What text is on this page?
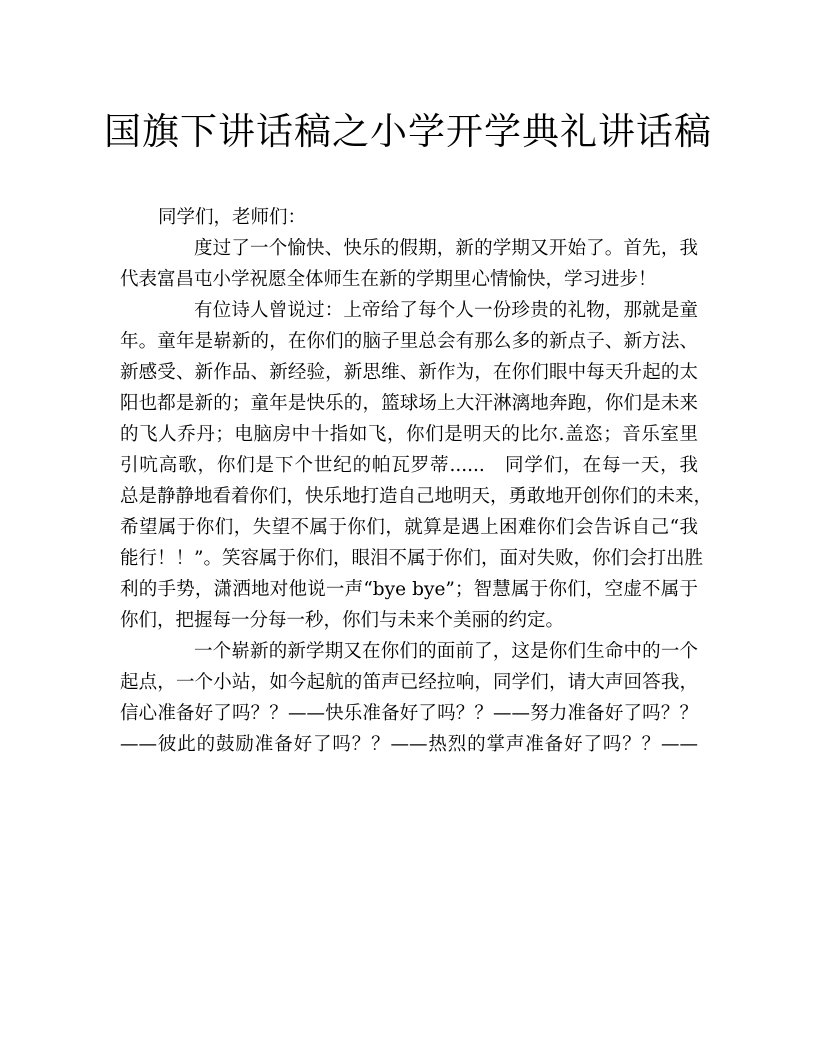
国旗下讲话稿之小学开学典礼讲话稿

同学们，老师们：

度过了一个愉快、快乐的假期，新的学期又开始了。首先，我
代表富昌屯小学祝愿全体师生在新的学期里心情愉快，学习进步！
有位诗人曾说过：上帝给了每个人一份珍贵的礼物，那就是童
年。童年是崭新的，在你们的脑子里总会有那么多的新点子、新方法、
新感受、新作品、新经验，新思维、新作为，在你们眼中每天升起的太
阳也都是新的；童年是快乐的，篮球场上大汗淋漓地奔跑，你们是未来
的飞人乔丹；电脑房中十指如飞，你们是明天的比尔.盖恣；音乐室里
引吭高歌，你们是下个世纪的帕瓦罗蒂......　同学们，在每一天，我
总是静静地看着你们，快乐地打造自己地明天，勇敢地开创你们的未来，
希望属于你们，失望不属于你们，就算是遇上困难你们会告诉自己“我
能行！！”。笑容属于你们，眼泪不属于你们，面对失败，你们会打出胜
利的手势，潇洒地对他说一声“bye bye”；智慧属于你们，空虚不属于
你们，把握每一分每一秒，你们与未来个美丽的约定。
一个崭新的新学期又在你们的面前了，这是你们生命中的一个
起点，一个小站，如今起航的笛声已经拉响，同学们，请大声回答我，
信心准备好了吗？？——快乐准备好了吗？？——努力准备好了吗？？
——彼此的鼓励准备好了吗？？——热烈的掌声准备好了吗？？——
